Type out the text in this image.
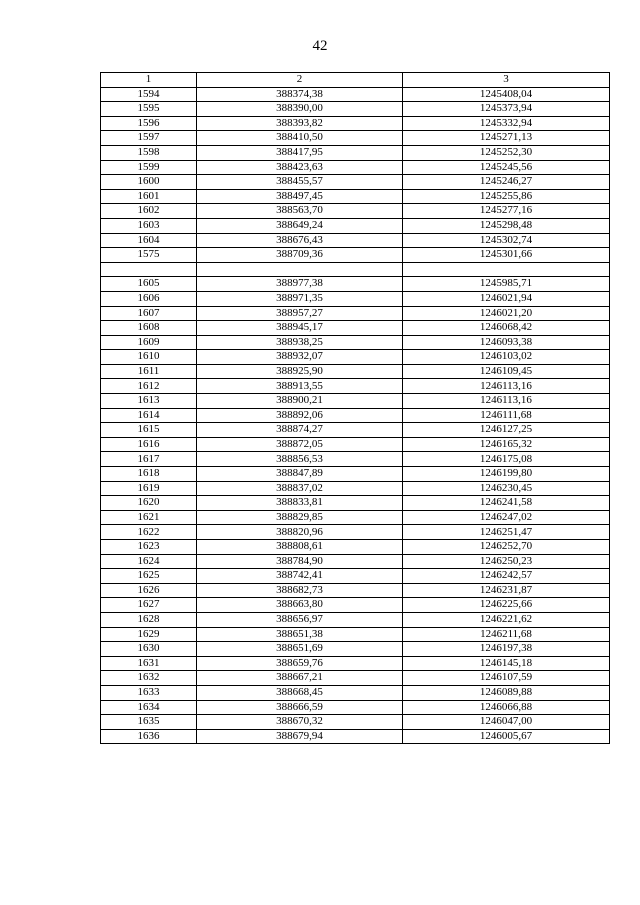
42
1	2	3
1594	388374,38	1245408,04
1595	388390,00	1245373,94
1596	388393,82	1245332,94
1597	388410,50	1245271,13
1598	388417,95	1245252,30
1599	388423,63	1245245,56
1600	388455,57	1245246,27
1601	388497,45	1245255,86
1602	388563,70	1245277,16
1603	388649,24	1245298,48
1604	388676,43	1245302,74
1575	388709,36	1245301,66

1605	388977,38	1245985,71
1606	388971,35	1246021,94
1607	388957,27	1246021,20
1608	388945,17	1246068,42
1609	388938,25	1246093,38
1610	388932,07	1246103,02
1611	388925,90	1246109,45
1612	388913,55	1246113,16
1613	388900,21	1246113,16
1614	388892,06	1246111,68
1615	388874,27	1246127,25
1616	388872,05	1246165,32
1617	388856,53	1246175,08
1618	388847,89	1246199,80
1619	388837,02	1246230,45
1620	388833,81	1246241,58
1621	388829,85	1246247,02
1622	388820,96	1246251,47
1623	388808,61	1246252,70
1624	388784,90	1246250,23
1625	388742,41	1246242,57
1626	388682,73	1246231,87
1627	388663,80	1246225,66
1628	388656,97	1246221,62
1629	388651,38	1246211,68
1630	388651,69	1246197,38
1631	388659,76	1246145,18
1632	388667,21	1246107,59
1633	388668,45	1246089,88
1634	388666,59	1246066,88
1635	388670,32	1246047,00
1636	388679,94	1246005,67
